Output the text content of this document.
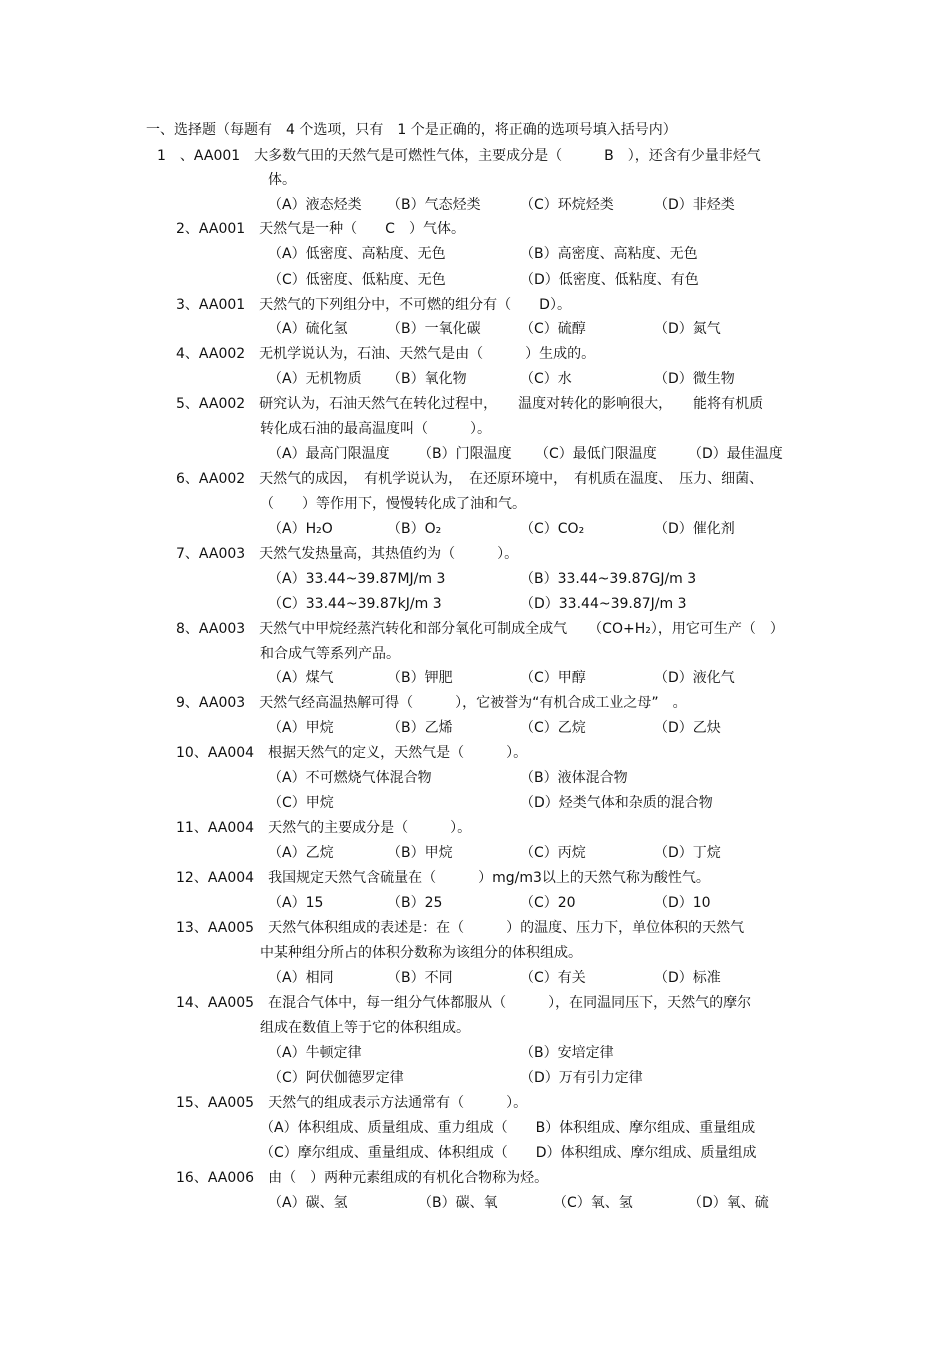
一、选择题（每题有　4 个选项，只有　1 个是正确的，将正确的选项号填入括号内）
1　、AA001　大多数气田的天然气是可燃性气体，主要成分是（　　　B　），还含有少量非烃气
体。
（A）液态烃类 （B）气态烃类	（C）环烷烃类	（D）非烃类
2、AA001　天然气是一种（　　C　）气体。
（A）低密度、高粘度、无色	（B）高密度、高粘度、无色
（C）低密度、低粘度、无色	（D）低密度、低粘度、有色
3、AA001　天然气的下列组分中，不可燃的组分有（　　D）。
（A）硫化氢	（B）一氧化碳	（C）硫醇	（D）氮气
4、AA002　无机学说认为，石油、天然气是由（　　　）生成的。
（A）无机物质 （B）氧化物	（C）水	（D）微生物
5、AA002　研究认为，石油天然气在转化过程中，　　温度对转化的影响很大，　　能将有机质
转化成石油的最高温度叫（　　　）。
（A）最高门限温度 （B）门限温度 （C）最低门限温度 （D）最佳温度
6、AA002　天然气的成因，　有机学说认为，　在还原环境中，　有机质在温度、　压力、细菌、
（　　）等作用下，慢慢转化成了油和气。
（A）H₂O	（B）O₂	（C）CO₂	（D）催化剂
7、AA003　天然气发热量高，其热值约为（　　　）。
（A）33.44~39.87MJ/m 3	（B）33.44~39.87GJ/m 3
（C）33.44~39.87kJ/m 3	（D）33.44~39.87J/m 3
8、AA003　天然气中甲烷经蒸汽转化和部分氧化可制成全成气　　（CO+H₂），用它可生产（　）
和合成气等系列产品。
（A）煤气	（B）钾肥	（C）甲醇	（D）液化气
9、AA003　天然气经高温热解可得（　　　），它被誉为“有机合成工业之母”　。
（A）甲烷	（B）乙烯	（C）乙烷	（D）乙炔
10、AA004　根据天然气的定义，天然气是（　　　）。
（A）不可燃烧气体混合物	（B）液体混合物
（C）甲烷	（D）烃类气体和杂质的混合物
11、AA004　天然气的主要成分是（　　　）。
（A）乙烷	（B）甲烷	（C）丙烷	（D）丁烷
12、AA004　我国规定天然气含硫量在（　　　）mg/m3以上的天然气称为酸性气。
（A）15	（B）25	（C）20	（D）10
13、AA005　天然气体积组成的表述是：在（　　　）的温度、压力下，单位体积的天然气
中某种组分所占的体积分数称为该组分的体积组成。
（A）相同	（B）不同	（C）有关	（D）标准
14、AA005　在混合气体中，每一组分气体都服从（　　　），在同温同压下，天然气的摩尔
组成在数值上等于它的体积组成。
（A）牛顿定律	（B）安培定律
（C）阿伏伽德罗定律	（D）万有引力定律
15、AA005　天然气的组成表示方法通常有（　　　）。
（A）体积组成、质量组成、重力组成（　　B）体积组成、摩尔组成、重量组成
（C）摩尔组成、重量组成、体积组成（　　D）体积组成、摩尔组成、质量组成
16、AA006　由（　）两种元素组成的有机化合物称为烃。
（A）碳、氢	（B）碳、氧	（C）氧、氢	（D）氧、硫
